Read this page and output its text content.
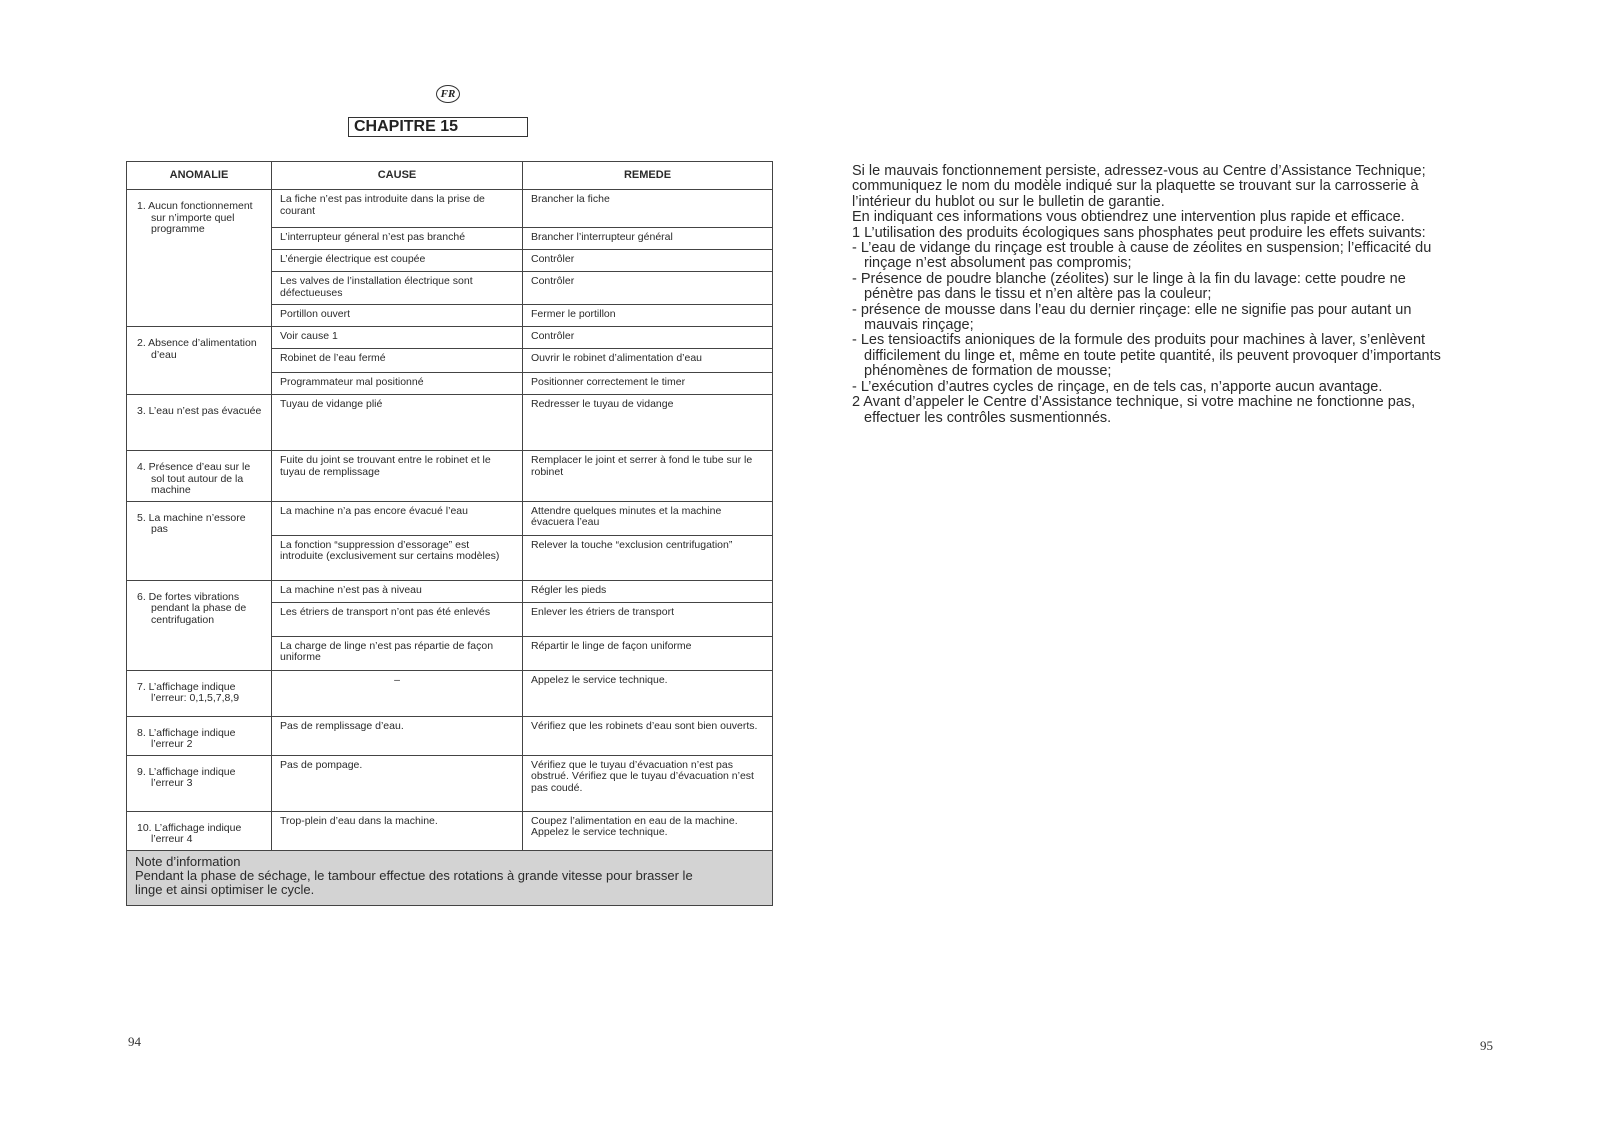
FR
CHAPITRE 15
ANOMALIE	CAUSE	REMEDE

1. Aucun fonctionnement sur n’importe quel programme	La fiche n’est pas introduite dans la prise de courant	Brancher la fiche
	L’interrupteur géneral n’est pas branché	Brancher l’interrupteur général
	L’énergie électrique est coupée	Contrôler
	Les valves de l’installation électrique sont défectueuses	Contrôler
	Portillon ouvert	Fermer le portillon

2. Absence d’alimentation d’eau	Voir cause 1	Contrôler
	Robinet de l’eau fermé	Ouvrir le robinet d’alimentation d’eau
	Programmateur mal positionné	Positionner correctement le timer

3. L’eau n’est pas évacuée	Tuyau de vidange plié	Redresser le tuyau de vidange

4. Présence d’eau sur le sol tout autour de la machine	Fuite du joint se trouvant entre le robinet et le tuyau de remplissage	Remplacer le joint et serrer à fond le tube sur le robinet

5. La machine n’essore pas	La machine n’a pas encore évacué l’eau	Attendre quelques minutes et la machine évacuera l’eau
	La fonction “suppression d’essorage” est introduite (exclusivement sur certains modèles)	Relever la touche “exclusion centrifugation”

6. De fortes vibrations pendant la phase de centrifugation	La machine n’est pas à niveau	Régler les pieds
	Les étriers de transport n’ont pas été enlevés	Enlever les étriers de transport
	La charge de linge n’est pas répartie de façon uniforme	Répartir le linge de façon uniforme

7. L’affichage indique l’erreur: 0,1,5,7,8,9	–	Appelez le service technique.

8. L’affichage indique l’erreur 2	Pas de remplissage d’eau.	Vérifiez que les robinets d’eau sont bien ouverts.

9. L’affichage indique l’erreur 3	Pas de pompage.	Vérifiez que le tuyau d’évacuation n’est pas obstrué. Vérifiez que le tuyau d’évacuation n’est pas coudé.

10. L’affichage indique l’erreur 4	Trop-plein d’eau dans la machine.	Coupez l’alimentation en eau de la machine. Appelez le service technique.

Note d’information
Pendant la phase de séchage, le tambour effectue des rotations à grande vitesse pour brasser le linge et ainsi optimiser le cycle.		

Si le mauvais fonctionnement persiste, adressez-vous au Centre d’Assistance Technique; communiquez le nom du modèle indiqué sur la plaquette se trouvant sur la carrosserie à l’intérieur du hublot ou sur le bulletin de garantie.

En indiquant ces informations vous obtiendrez une intervention plus rapide et efficace.

1 L’utilisation des produits écologiques sans phosphates peut produire les effets suivants:

- L’eau de vidange du rinçage est trouble à cause de zéolites en suspension; l’efficacité du rinçage n’est absolument pas compromis;

- Présence de poudre blanche (zéolites) sur le linge à la fin du lavage: cette poudre ne pénètre pas dans le tissu et n’en altère pas la couleur;

- présence de mousse dans l’eau du dernier rinçage: elle ne signifie pas pour autant un mauvais rinçage;

- Les tensioactifs anioniques de la formule des produits pour machines à laver, s’enlèvent difficilement du linge et, même en toute petite quantité, ils peuvent provoquer d’importants phénomènes de formation de mousse;

- L’exécution d’autres cycles de rinçage, en de tels cas, n’apporte aucun avantage.

2 Avant d’appeler le Centre d’Assistance technique, si votre machine ne fonctionne pas, effectuer les contrôles susmentionnés.

94	95
